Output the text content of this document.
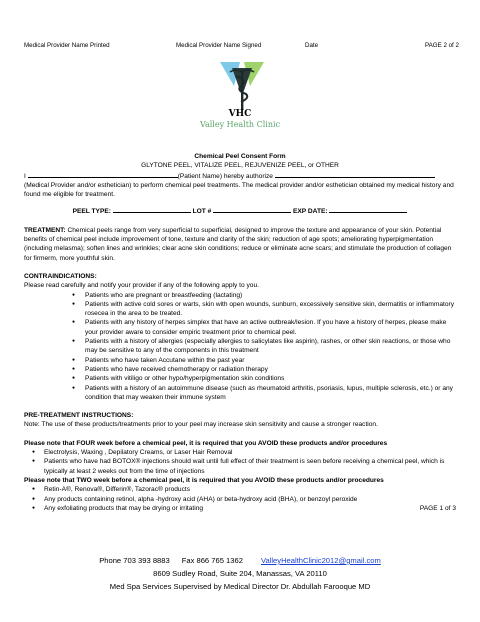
Medical Provider Name Printed	Medical Provider Name Signed	Date	PAGE 2 of 2
VHC
Valley Health Clinic
Chemical Peel Consent Form
GLYTONE PEEL, VITALIZE PEEL, REJUVENIZE PEEL, or OTHER
I	(Patient Name) hereby authorize  (Medical Provider and/or esthetician) to perform chemical peel treatments. The medical provider and/or esthetician obtained my medical history and found me eligible for treatment.
PEEL TYPE:	LOT #	EXP DATE:
TREATMENT: Chemical peels range from very superficial to superficial, designed to improve the texture and appearance of your skin. Potential benefits of chemical peel include improvement of tone, texture and clarity of the skin; reduction of age spots; ameliorating hyperpigmentation (including melasma); soften lines and wrinkles; clear acne skin conditions; reduce or eliminate acne scars; and stimulate the production of collagen for firmerm, more youthful skin.
CONTRAINDICATIONS:
Please read carefully and notify your provider if any of the following apply to you.
● Patients who are pregnant or breastfeeding (lactating)
● Patients with active cold sores or warts, skin with open wounds, sunburn, excessively sensitive skin, dermatitis or inflammatory rosecea in the area to be treated.
● Patients with any history of herpes simplex that have an active outbreak/lesion. If you have a history of herpes, please make your provider aware to consider empiric treatment prior to chemical peel.
● Patients with a history of allergies (especially allergies to salicylates like aspirin), rashes, or other skin reactions, or those who may be sensitive to any of the components in this treatment
● Patients who have taken Accutane within the past year
● Patients who have received chemotherapy or radiation therapy
● Patients with vitiligo or other hypo/hyperpigmentation skin conditions
● Patients with a history of an autoimmune disease (such as rheumatoid arthritis, psoriasis, lupus, multiple sclerosis, etc.) or any condition that may weaken their immune system
PRE-TREATMENT INSTRUCTIONS:
Note: The use of these products/treatments prior to your peel may increase skin sensitivity and cause a stronger reaction.
Please note that FOUR week before a chemical peel, it is required that you AVOID these products and/or procedures
● Electrolysis, Waxing , Depilatory Creams, or Laser Hair Removal
● Patients who have had BOTOX® injections should wait until full effect of their treatment is seen before receiving a chemical peel, which is typically at least 2 weeks out from the time of injections
Please note that TWO week before a chemical peel, it is required that you AVOID these products and/or procedures
● Retin-A®, Renova®, Differin®, Tazorac® products
● Any products containing retinol, alpha -hydroxy acid (AHA) or beta-hydroxy acid (BHA), or benzoyl peroxide
● Any exfoliating products that may be drying or irritating	PAGE 1 of 3
Phone 703 393 8883 Fax 866 765 1362 ValleyHealthClinic2012@gmail.com
8609 Sudley Road, Suite 204, Manassas, VA 20110
Med Spa Services Supervised by Medical Director Dr. Abdullah Farooque MD
